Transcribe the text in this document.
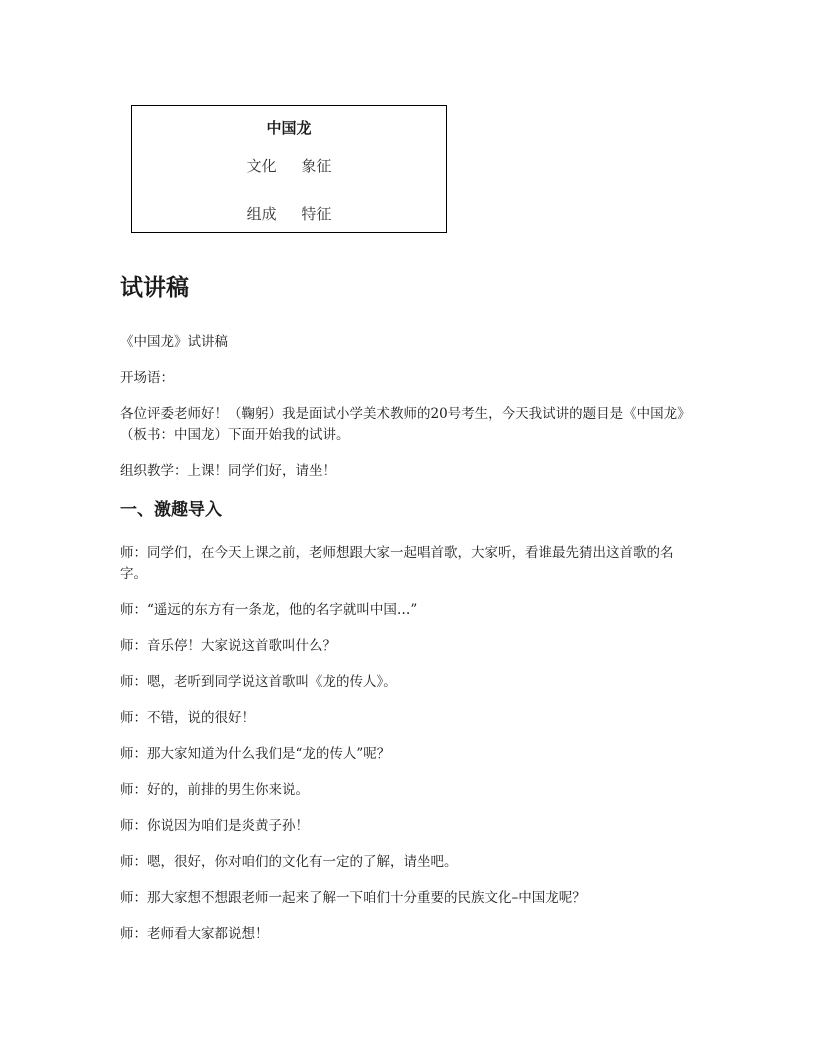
中国龙
文化 象征
组成 特征
试讲稿

《中国龙》试讲稿

开场语：

各位评委老师好！（鞠躬）我是面试小学美术教师的20号考生，今天我试讲的题目是《中国龙》（板书：中国龙）下面开始我的试讲。

组织教学：上课！同学们好，请坐！

一、激趣导入

师：同学们，在今天上课之前，老师想跟大家一起唱首歌，大家听，看谁最先猜出这首歌的名字。

师：“遥远的东方有一条龙，他的名字就叫中国…”

师：音乐停！大家说这首歌叫什么？

师：嗯，老听到同学说这首歌叫《龙的传人》。

师：不错，说的很好！

师：那大家知道为什么我们是“龙的传人”呢？

师：好的，前排的男生你来说。

师：你说因为咱们是炎黄子孙！

师：嗯，很好，你对咱们的文化有一定的了解，请坐吧。

师：那大家想不想跟老师一起来了解一下咱们十分重要的民族文化–中国龙呢？

师：老师看大家都说想！
